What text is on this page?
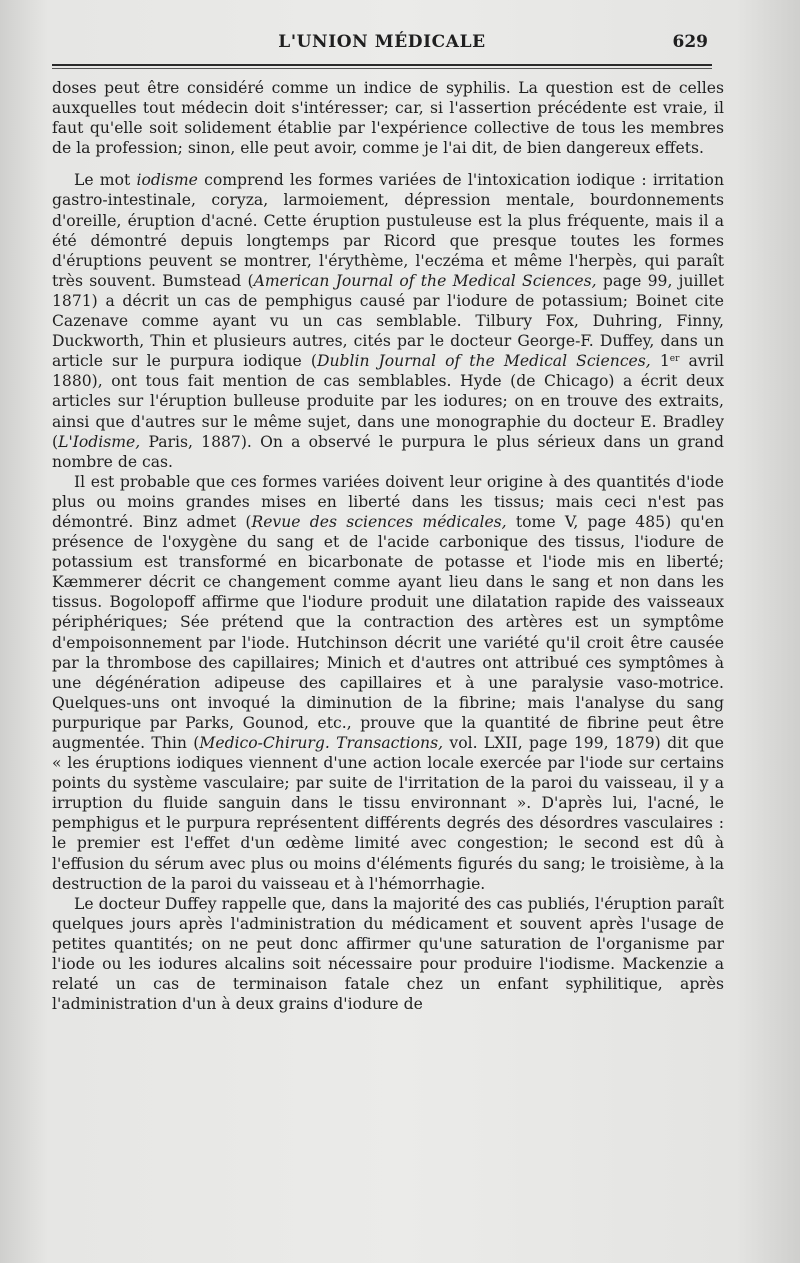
L'UNION MÉDICALE	629

doses peut être considéré comme un indice de syphilis. La question est de celles auxquelles tout médecin doit s'intéresser; car, si l'assertion précédente est vraie, il faut qu'elle soit solidement établie par l'expérience collective de tous les membres de la profession; sinon, elle peut avoir, comme je l'ai dit, de bien dangereux effets.

Le mot iodisme comprend les formes variées de l'intoxication iodique : irritation gastro-intestinale, coryza, larmoiement, dépression mentale, bourdonnements d'oreille, éruption d'acné. Cette éruption pustuleuse est la plus fréquente, mais il a été démontré depuis longtemps par Ricord que presque toutes les formes d'éruptions peuvent se montrer, l'érythème, l'eczéma et même l'herpès, qui paraît très souvent. Bumstead (American Journal of the Medical Sciences, page 99, juillet 1871) a décrit un cas de pemphigus causé par l'iodure de potassium; Boinet cite Cazenave comme ayant vu un cas semblable. Tilbury Fox, Duhring, Finny, Duckworth, Thin et plusieurs autres, cités par le docteur George-F. Duffey, dans un article sur le purpura iodique (Dublin Journal of the Medical Sciences, 1er avril 1880), ont tous fait mention de cas semblables. Hyde (de Chicago) a écrit deux articles sur l'éruption bulleuse produite par les iodures; on en trouve des extraits, ainsi que d'autres sur le même sujet, dans une monographie du docteur E. Bradley (L'Iodisme, Paris, 1887). On a observé le purpura le plus sérieux dans un grand nombre de cas.

Il est probable que ces formes variées doivent leur origine à des quantités d'iode plus ou moins grandes mises en liberté dans les tissus; mais ceci n'est pas démontré. Binz admet (Revue des sciences médicales, tome V, page 485) qu'en présence de l'oxygène du sang et de l'acide carbonique des tissus, l'iodure de potassium est transformé en bicarbonate de potasse et l'iode mis en liberté; Kæmmerer décrit ce changement comme ayant lieu dans le sang et non dans les tissus. Bogolopoff affirme que l'iodure produit une dilatation rapide des vaisseaux périphériques; Sée prétend que la contraction des artères est un symptôme d'empoisonnement par l'iode. Hutchinson décrit une variété qu'il croit être causée par la thrombose des capillaires; Minich et d'autres ont attribué ces symptômes à une dégénération adipeuse des capillaires et à une paralysie vaso-motrice. Quelques-uns ont invoqué la diminution de la fibrine; mais l'analyse du sang purpurique par Parks, Gounod, etc., prouve que la quantité de fibrine peut être augmentée. Thin (Medico-Chirurg. Transactions, vol. LXII, page 199, 1879) dit que « les éruptions iodiques viennent d'une action locale exercée par l'iode sur certains points du système vasculaire; par suite de l'irritation de la paroi du vaisseau, il y a irruption du fluide sanguin dans le tissu environnant ». D'après lui, l'acné, le pemphigus et le purpura représentent différents degrés des désordres vasculaires : le premier est l'effet d'un œdème limité avec congestion; le second est dû à l'effusion du sérum avec plus ou moins d'éléments figurés du sang; le troisième, à la destruction de la paroi du vaisseau et à l'hémorrhagie.

Le docteur Duffey rappelle que, dans la majorité des cas publiés, l'éruption paraît quelques jours après l'administration du médicament et souvent après l'usage de petites quantités; on ne peut donc affirmer qu'une saturation de l'organisme par l'iode ou les iodures alcalins soit nécessaire pour produire l'iodisme. Mackenzie a relaté un cas de terminaison fatale chez un enfant syphilitique, après l'administration d'un à deux grains d'iodure de
